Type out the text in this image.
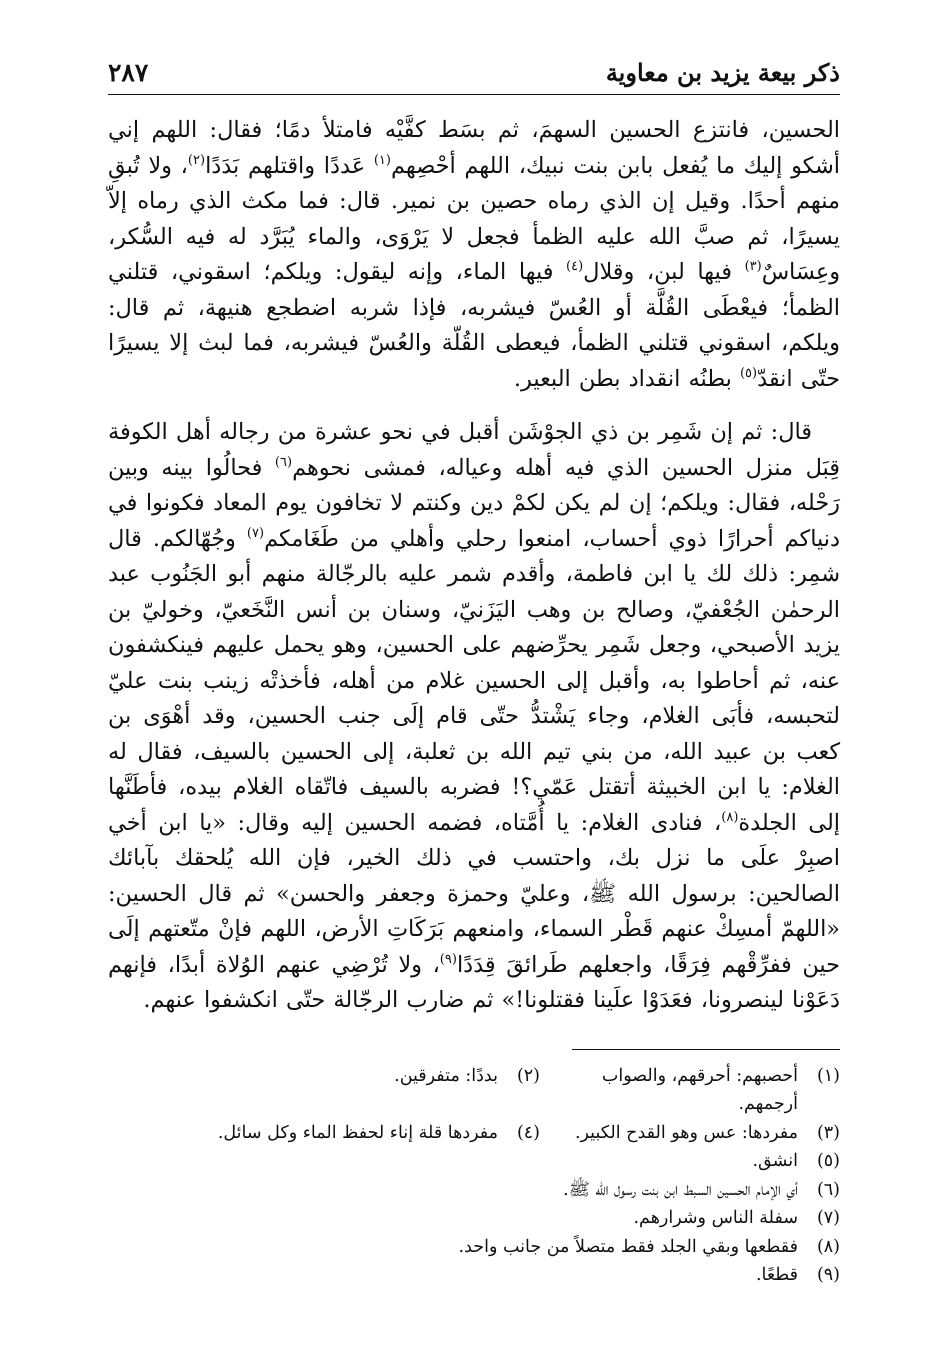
ذكر بيعة يزيد بن معاوية
٢٨٧

الحسين، فانتزع الحسين السهمَ، ثم بسَط كفَّيْه فامتلأ دمًا؛ فقال: اللهم إني أشكو إليك ما يُفعل بابن بنت نبيك، اللهم أحْصِهم$^{(١)}$ عَددًا واقتلهم بَدَدًا$^{(٢)}$، ولا تُبقِ منهم أحدًا. وقيل إن الذي رماه حصين بن نمير. قال: فما مكث الذي رماه إلاّ يسيرًا، ثم صبَّ الله عليه الظمأ فجعل لا يَرْوَى، والماء يُبَرَّد له فيه السُّكر، وعِسَاسٌ$^{(٣)}$ فيها لبن، وقلال$^{(٤)}$ فيها الماء، وإنه ليقول: ويلكم؛ اسقوني، قتلني الظمأ؛ فيعْطَى القُلَّة أو العُسّ فيشربه، فإذا شربه اضطجع هنيهة، ثم قال: ويلكم، اسقوني قتلني الظمأ، فيعطى القُلّة والعُسّ فيشربه، فما لبث إلا يسيرًا حتّى انقدّ$^{(٥)}$ بطنُه انقداد بطن البعير.

قال: ثم إن شَمِر بن ذي الجوْشَن أقبل في نحو عشرة من رجاله أهل الكوفة قِبَل منزل الحسين الذي فيه أهله وعياله، فمشى نحوهم$^{(٦)}$ فحالُوا بينه وبين رَحْله، فقال: ويلكم؛ إن لم يكن لكمْ دين وكنتم لا تخافون يوم المعاد فكونوا في دنياكم أحرارًا ذوي أحساب، امنعوا رحلي وأهلي من طَغَامكم$^{(٧)}$ وجُهّالكم. قال شمِر: ذلك لك يا ابن فاطمة، وأقدم شمر عليه بالرجّالة منهم أبو الجَنُوب عبد الرحمٰن الجُعْفيّ، وصالح بن وهب اليَزَنيّ، وسنان بن أنس النَّخَعيّ، وخوليّ بن يزيد الأصبحي، وجعل شَمِر يحرِّضهم على الحسين، وهو يحمل عليهم فينكشفون عنه، ثم أحاطوا به، وأقبل إلى الحسين غلام من أهله، فأخذتْه زينب بنت عليّ لتحبسه، فأبَى الغلام، وجاء يَشْتدُّ حتّى قام إلَى جنب الحسين، وقد أهْوَى بن كعب بن عبيد الله، من بني تيم الله بن ثعلبة، إلى الحسين بالسيف، فقال له الغلام: يا ابن الخبيثة أتقتل عَمّي؟! فضربه بالسيف فاتّقاه الغلام بيده، فأطَنَّها إلى الجلدة$^{(٨)}$، فنادى الغلام: يا أُمَّتاه، فضمه الحسين إليه وقال: «يا ابن أخي اصبِرْ علَى ما نزل بك، واحتسب في ذلك الخير، فإن الله يُلحقك بآبائك الصالحين: برسول الله ﷺ، وعليّ وحمزة وجعفر والحسن» ثم قال الحسين: «اللهمّ أمسِكْ عنهم قَطْر السماء، وامنعهم بَرَكَاتِ الأرض، اللهم فإنْ متّعتهم إلَى حين ففرِّقْهم فِرَقًا، واجعلهم طَرائقَ قِدَدًا$^{(٩)}$، ولا تُرْضِي عنهم الوُلاة أبدًا، فإنهم دَعَوْنا لينصرونا، فعَدَوْا علَينا فقتلونا!» ثم ضارب الرجّالة حتّى انكشفوا عنهم.

(١)
أحصبهم: أحرقهم، والصواب أرجمهم.
(٢)
بددًا: متفرقين.
(٣)
مفردها: عس وهو القدح الكبير.
(٤)
مفردها قلة إناء لحفظ الماء وكل سائل.
(٥)
انشق.
(٦)
أي الإمام الحسين السبط ابن بنت رسول الله ﷺ.
(٧)
سفلة الناس وشرارهم.
(٨)
فقطعها وبقي الجلد فقط متصلاً من جانب واحد.
(٩)
قطعًا.
